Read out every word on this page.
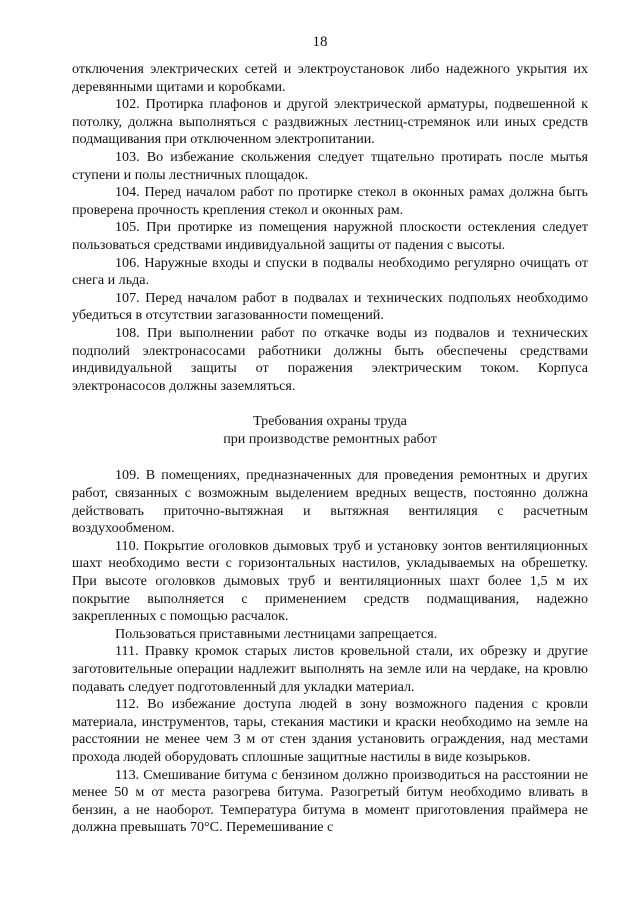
18

отключения электрических сетей и электроустановок либо надежного укрытия их деревянными щитами и коробками.

102. Протирка плафонов и другой электрической арматуры, подвешенной к потолку, должна выполняться с раздвижных лестниц-стремянок или иных средств подмащивания при отключенном электропитании.

103. Во избежание скольжения следует тщательно протирать после мытья ступени и полы лестничных площадок.

104. Перед началом работ по протирке стекол в оконных рамах должна быть проверена прочность крепления стекол и оконных рам.

105. При протирке из помещения наружной плоскости остекления следует пользоваться средствами индивидуальной защиты от падения с высоты.

106. Наружные входы и спуски в подвалы необходимо регулярно очищать от снега и льда.

107. Перед началом работ в подвалах и технических подпольях необходимо убедиться в отсутствии загазованности помещений.

108. При выполнении работ по откачке воды из подвалов и технических подполий электронасосами работники должны быть обеспечены средствами индивидуальной защиты от поражения электрическим током. Корпуса электронасосов должны заземляться.

Требования охраны труда

при производстве ремонтных работ

109. В помещениях, предназначенных для проведения ремонтных и других работ, связанных с возможным выделением вредных веществ, постоянно должна действовать приточно-вытяжная и вытяжная вентиляция с расчетным воздухообменом.

110. Покрытие оголовков дымовых труб и установку зонтов вентиляционных шахт необходимо вести с горизонтальных настилов, укладываемых на обрешетку. При высоте оголовков дымовых труб и вентиляционных шахт более 1,5 м их покрытие выполняется с применением средств подмащивания, надежно закрепленных с помощью расчалок.

Пользоваться приставными лестницами запрещается.

111. Правку кромок старых листов кровельной стали, их обрезку и другие заготовительные операции надлежит выполнять на земле или на чердаке, на кровлю подавать следует подготовленный для укладки материал.

112. Во избежание доступа людей в зону возможного падения с кровли материала, инструментов, тары, стекания мастики и краски необходимо на земле на расстоянии не менее чем 3 м от стен здания установить ограждения, над местами прохода людей оборудовать сплошные защитные настилы в виде козырьков.

113. Смешивание битума с бензином должно производиться на расстоянии не менее 50 м от места разогрева битума. Разогретый битум необходимо вливать в бензин, а не наоборот. Температура битума в момент приготовления праймера не должна превышать 70°С. Перемешивание с
